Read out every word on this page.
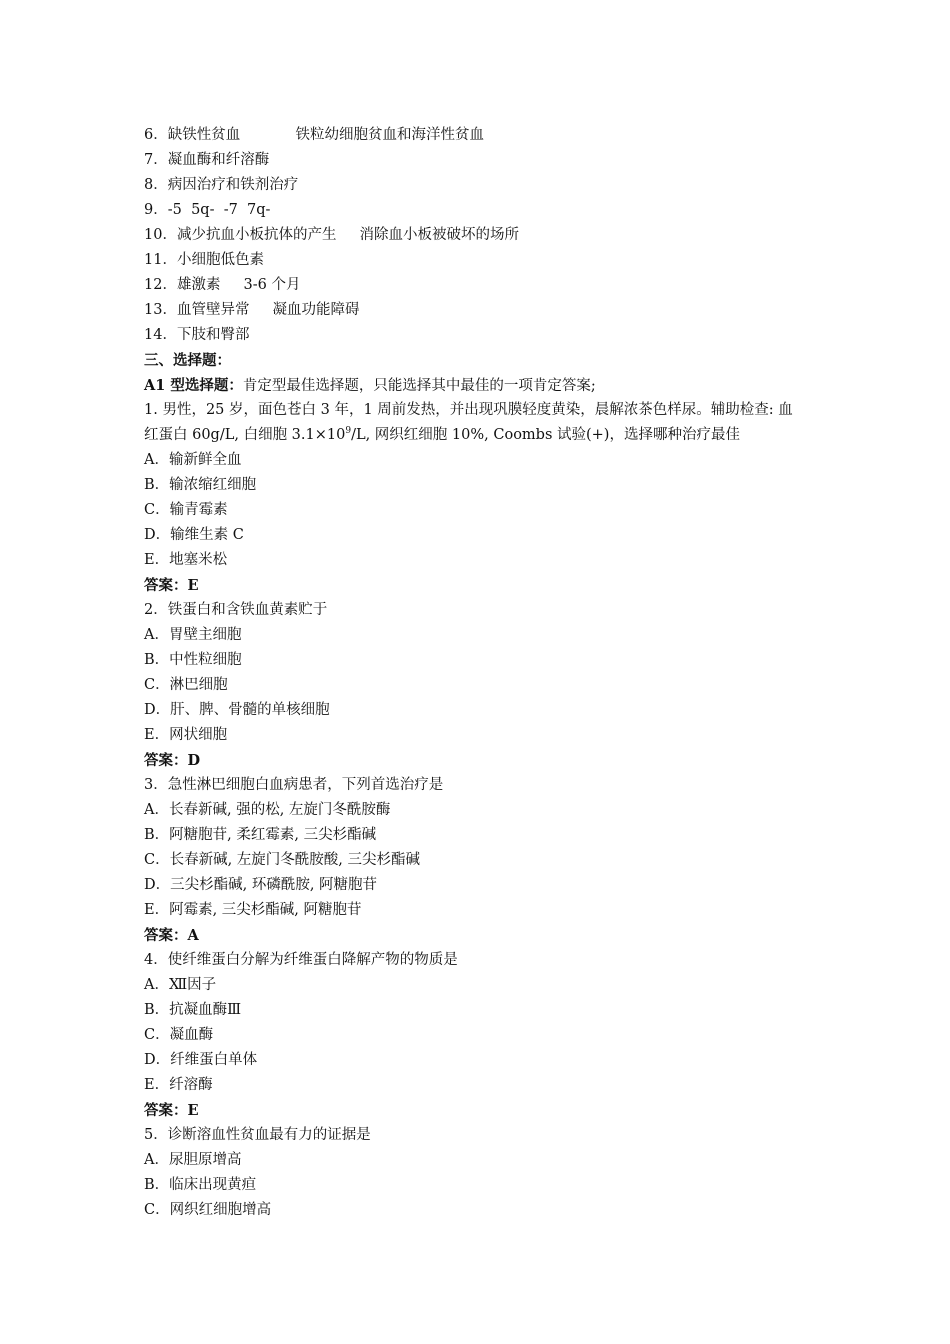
6．缺铁性贫血            铁粒幼细胞贫血和海洋性贫血
7．凝血酶和纤溶酶
8．病因治疗和铁剂治疗
9．-5  5q-  -7  7q-
10．减少抗血小板抗体的产生     消除血小板被破坏的场所
11．小细胞低色素
12．雄激素     3-6 个月
13．血管壁异常     凝血功能障碍
14．下肢和臀部
三、选择题：
A1 型选择题：肯定型最佳选择题，只能选择其中最佳的一项肯定答案;
1. 男性，25 岁，面色苍白 3 年，1 周前发热，并出现巩膜轻度黄染，晨解浓茶色样尿。辅助检查: 血
红蛋白 60g/L, 白细胞 $3.1\times 10^9/L$, 网织红细胞 10%, Coombs 试验(+)，选择哪种治疗最佳
A．输新鲜全血
B．输浓缩红细胞
C．输青霉素
D．输维生素 C
E．地塞米松
答案：E
2．铁蛋白和含铁血黄素贮于
A．胃壁主细胞
B．中性粒细胞
C．淋巴细胞
D．肝、脾、骨髓的单核细胞
E．网状细胞
答案：D
3．急性淋巴细胞白血病患者，下列首选治疗是
A．长春新碱, 强的松, 左旋门冬酰胺酶
B．阿糖胞苷, 柔红霉素, 三尖杉酯碱
C．长春新碱, 左旋门冬酰胺酸, 三尖杉酯碱
D．三尖杉酯碱, 环磷酰胺, 阿糖胞苷
E．阿霉素, 三尖杉酯碱, 阿糖胞苷
答案：A
4．使纤维蛋白分解为纤维蛋白降解产物的物质是
A．Ⅻ因子
B．抗凝血酶Ⅲ
C．凝血酶
D．纤维蛋白单体
E．纤溶酶
答案：E
5．诊断溶血性贫血最有力的证据是
A．尿胆原增高
B．临床出现黄疸
C．网织红细胞增高
